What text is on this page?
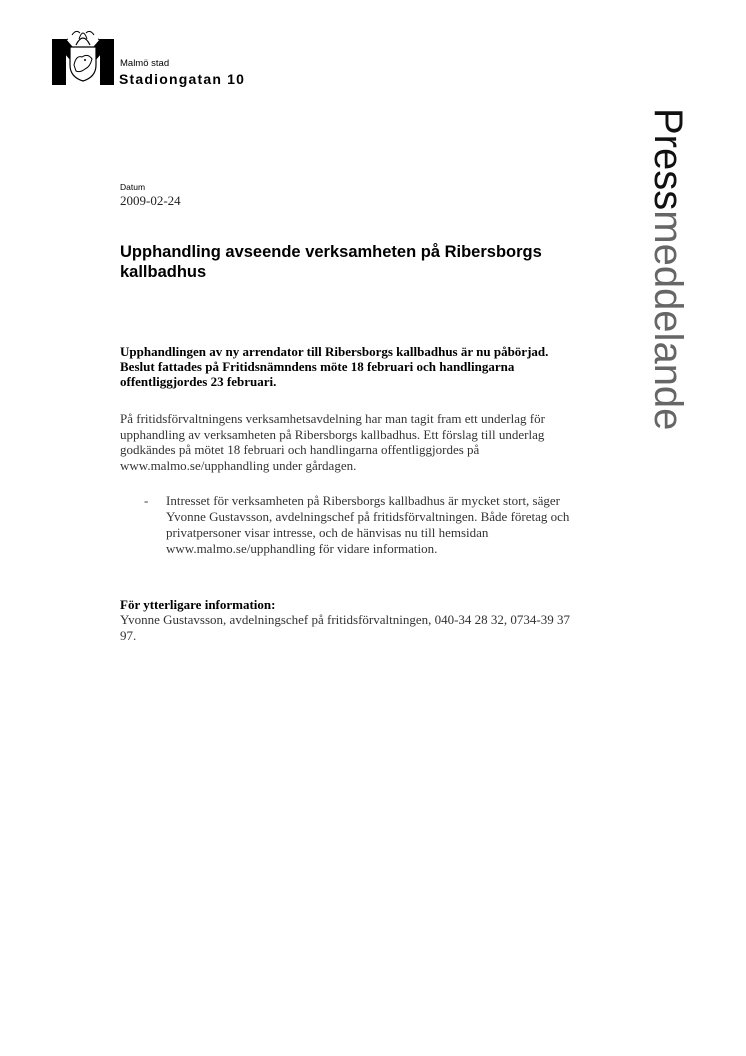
Malmö stad
Stadiongatan 10
Pressmeddelande
Datum
2009-02-24
Upphandling avseende verksamheten på Ribersborgs kallbadhus
Upphandlingen av ny arrendator till Ribersborgs kallbadhus är nu påbörjad. Beslut fattades på Fritidsnämndens möte 18 februari och handlingarna offentliggjordes 23 februari.
På fritidsförvaltningens verksamhetsavdelning har man tagit fram ett underlag för upphandling av verksamheten på Ribersborgs kallbadhus. Ett förslag till underlag godkändes på mötet 18 februari och handlingarna offentliggjordes på www.malmo.se/upphandling under gårdagen.
-	Intresset för verksamheten på Ribersborgs kallbadhus är mycket stort, säger Yvonne Gustavsson, avdelningschef på fritidsförvaltningen. Både företag och privatpersoner visar intresse, och de hänvisas nu till hemsidan www.malmo.se/upphandling för vidare information.
För ytterligare information:
Yvonne Gustavsson, avdelningschef på fritidsförvaltningen, 040-34 28 32, 0734-39 37 97.
